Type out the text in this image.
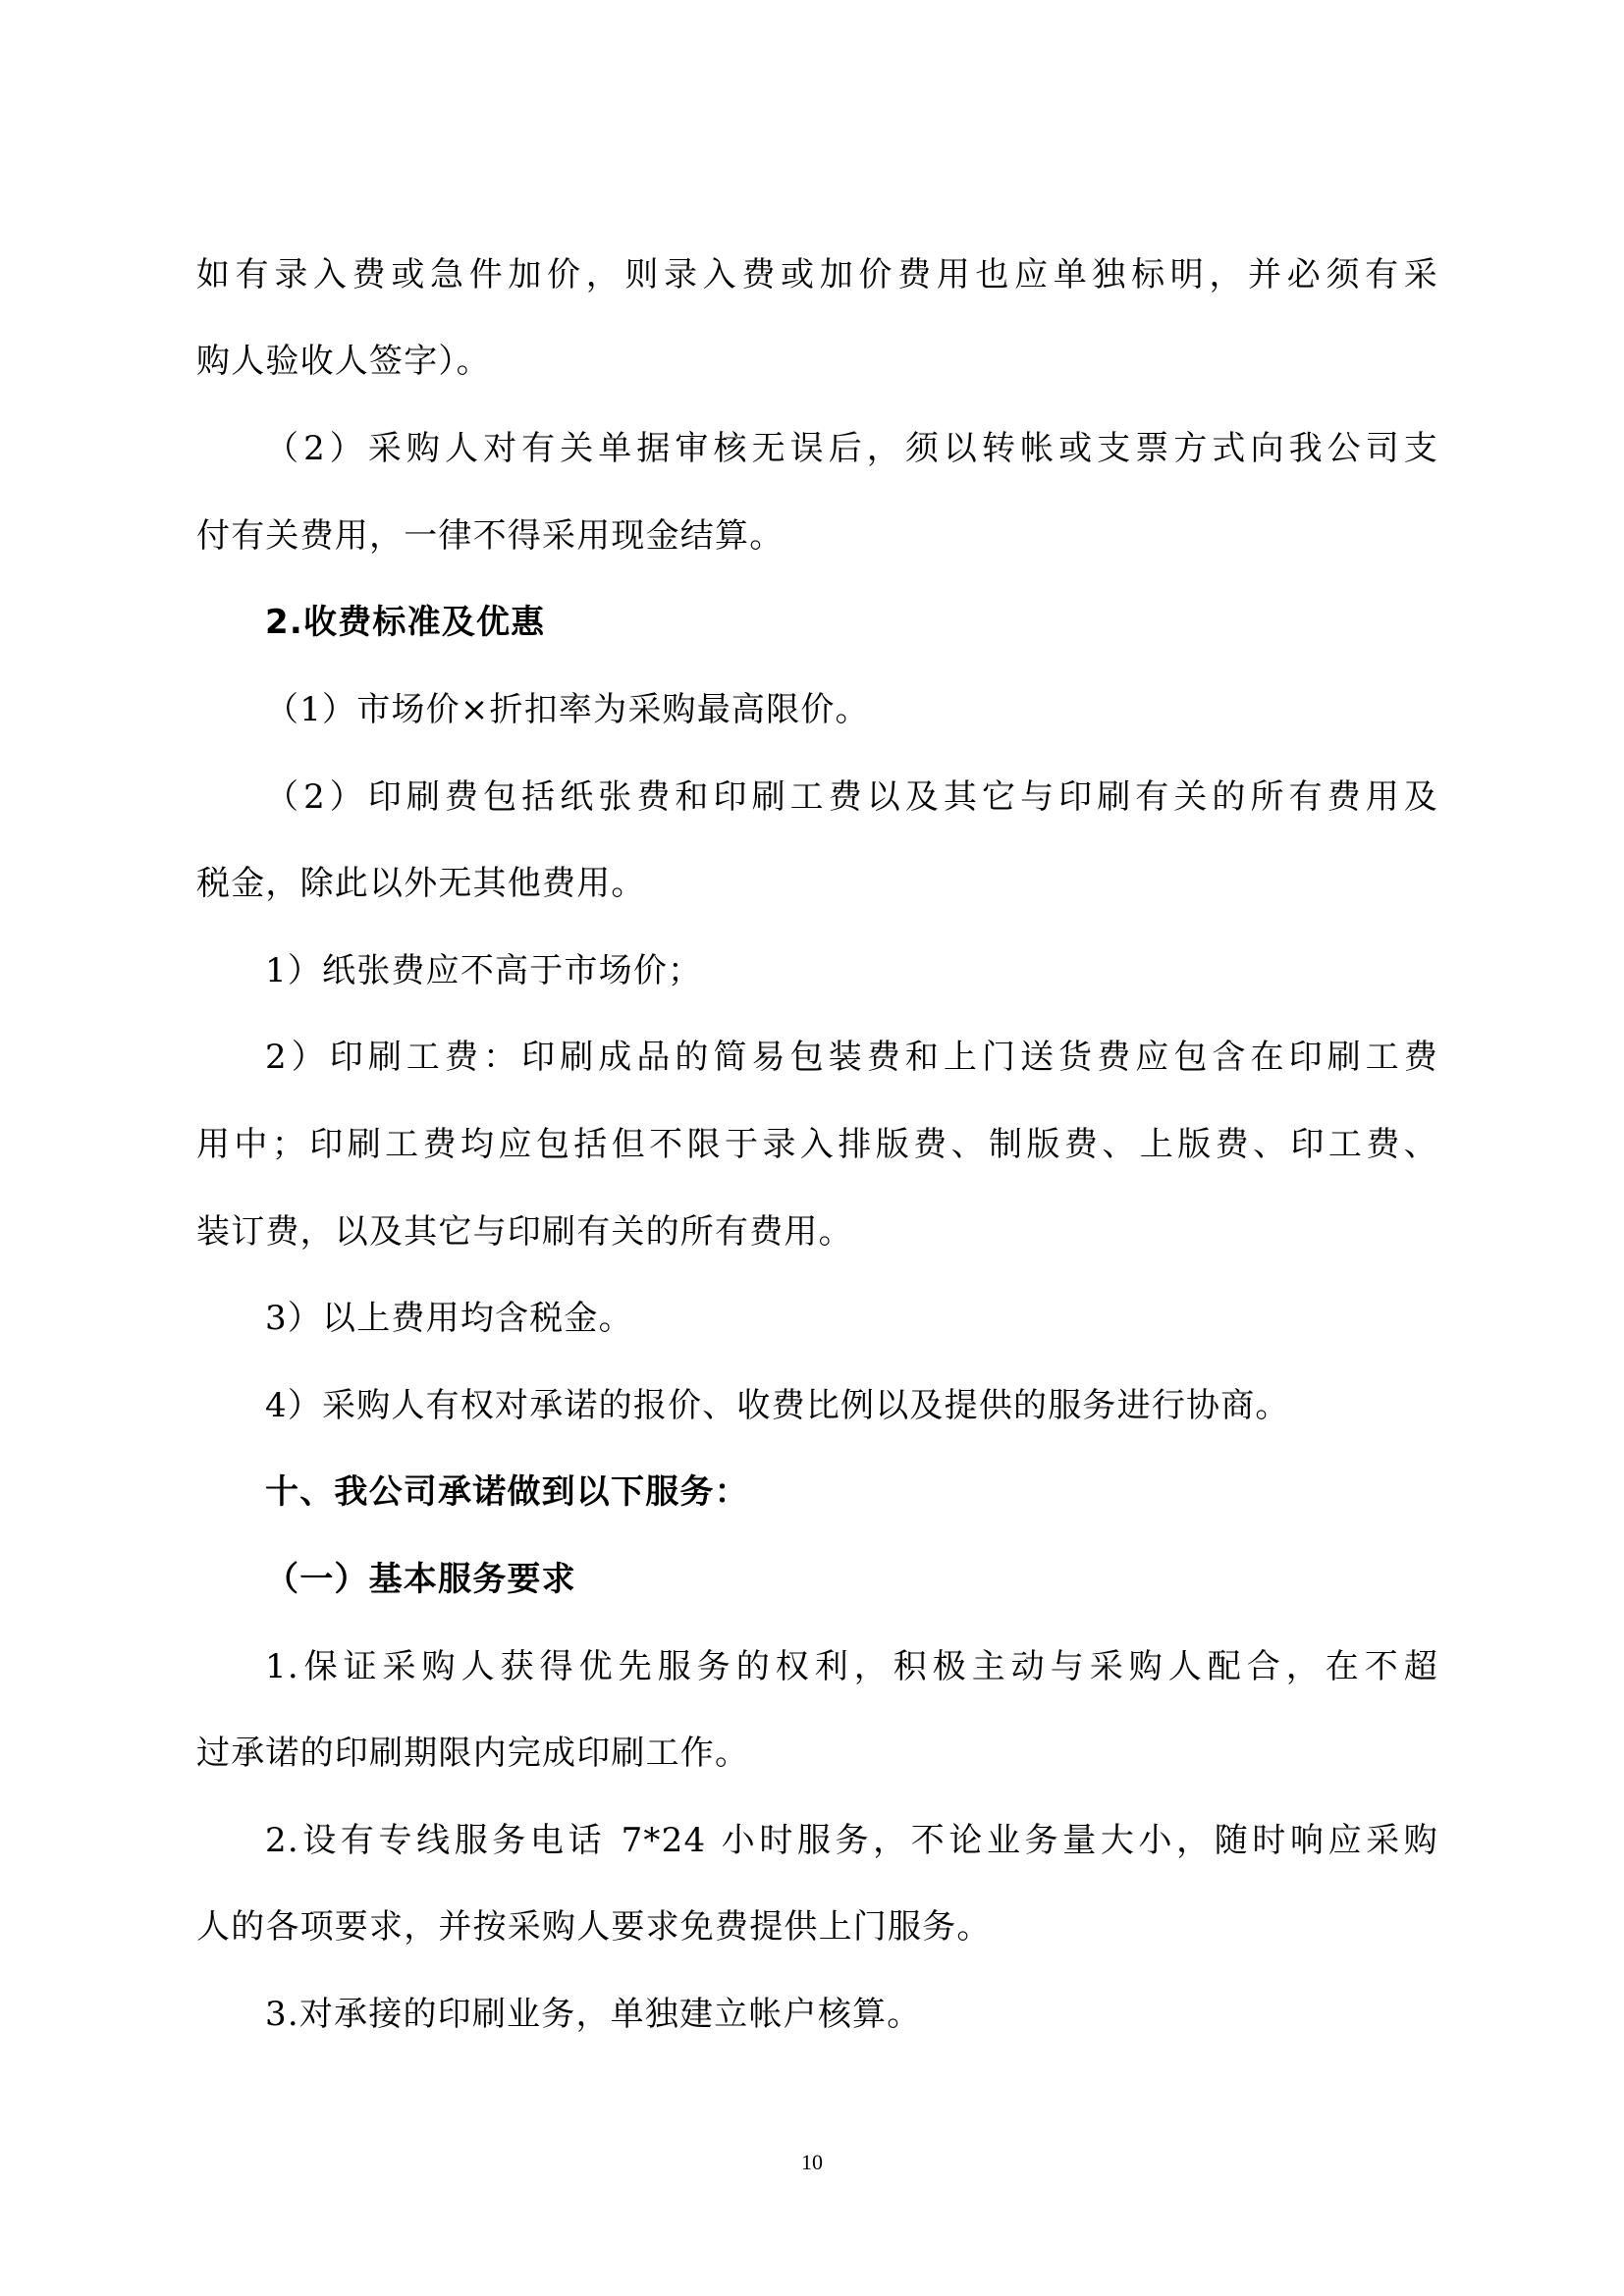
如有录入费或急件加价，则录入费或加价费用也应单独标明，并必须有采
购人验收人签字）。
（2）采购人对有关单据审核无误后，须以转帐或支票方式向我公司支
付有关费用，一律不得采用现金结算。
2.收费标准及优惠
（1）市场价×折扣率为采购最高限价。
（2）印刷费包括纸张费和印刷工费以及其它与印刷有关的所有费用及
税金，除此以外无其他费用。
1）纸张费应不高于市场价；
2）印刷工费：印刷成品的简易包装费和上门送货费应包含在印刷工费
用中；印刷工费均应包括但不限于录入排版费、制版费、上版费、印工费、
装订费，以及其它与印刷有关的所有费用。
3）以上费用均含税金。
4）采购人有权对承诺的报价、收费比例以及提供的服务进行协商。
十、我公司承诺做到以下服务：
（一）基本服务要求
1.保证采购人获得优先服务的权利，积极主动与采购人配合，在不超
过承诺的印刷期限内完成印刷工作。
2.设有专线服务电话 7*24 小时服务，不论业务量大小，随时响应采购
人的各项要求，并按采购人要求免费提供上门服务。
3.对承接的印刷业务，单独建立帐户核算。
10
